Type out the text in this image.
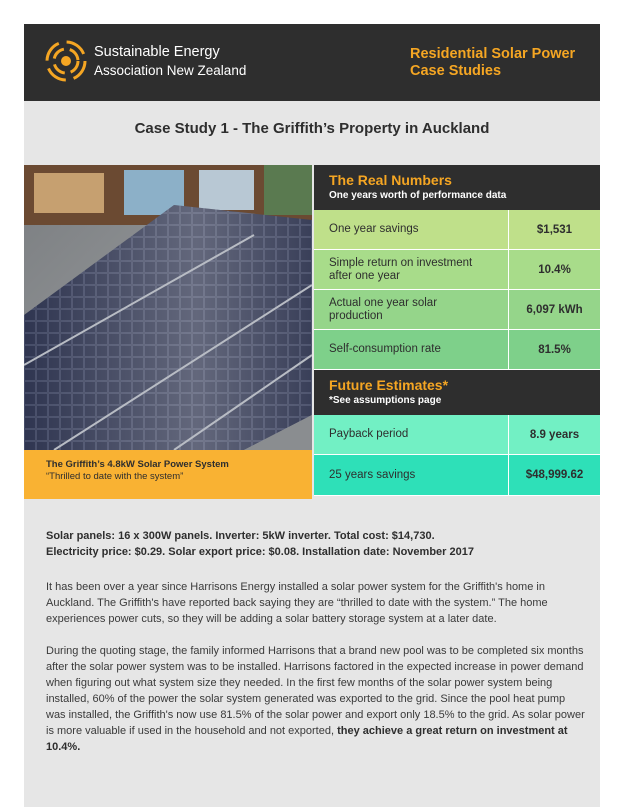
Sustainable Energy
Association New Zealand
Residential Solar Power Case Studies
Case Study 1 - The Griffith’s Property in Auckland
The Griffith’s 4.8kW Solar Power System
“Thrilled to date with the system”
The Real Numbers
One years worth of performance data
One year savings	$1,531
Simple return on investment after one year	10.4%
Actual one year solar production	6,097 kWh
Self-consumption rate	81.5%
Future Estimates*
*See assumptions page
Payback period	8.9 years
25 years savings	$48,999.62
Solar panels: 16 x 300W panels. Inverter: 5kW inverter. Total cost: $14,730.
Electricity price: $0.29. Solar export price: $0.08. Installation date: November 2017

It has been over a year since Harrisons Energy installed a solar power system for the Griffith's home in Auckland. The Griffith's have reported back saying they are “thrilled to date with the system.” The home experiences power cuts, so they will be adding a solar battery storage system at a later date.

During the quoting stage, the family informed Harrisons that a brand new pool was to be completed six months after the solar power system was to be installed. Harrisons factored in the expected increase in power demand when figuring out what system size they needed. In the first few months of the solar power system being installed, 60% of the power the solar system generated was exported to the grid. Since the pool heat pump was installed, the Griffith's now use 81.5% of the solar power and export only 18.5% to the grid. As solar power is more valuable if used in the household and not exported, they achieve a great return on investment at 10.4%.
